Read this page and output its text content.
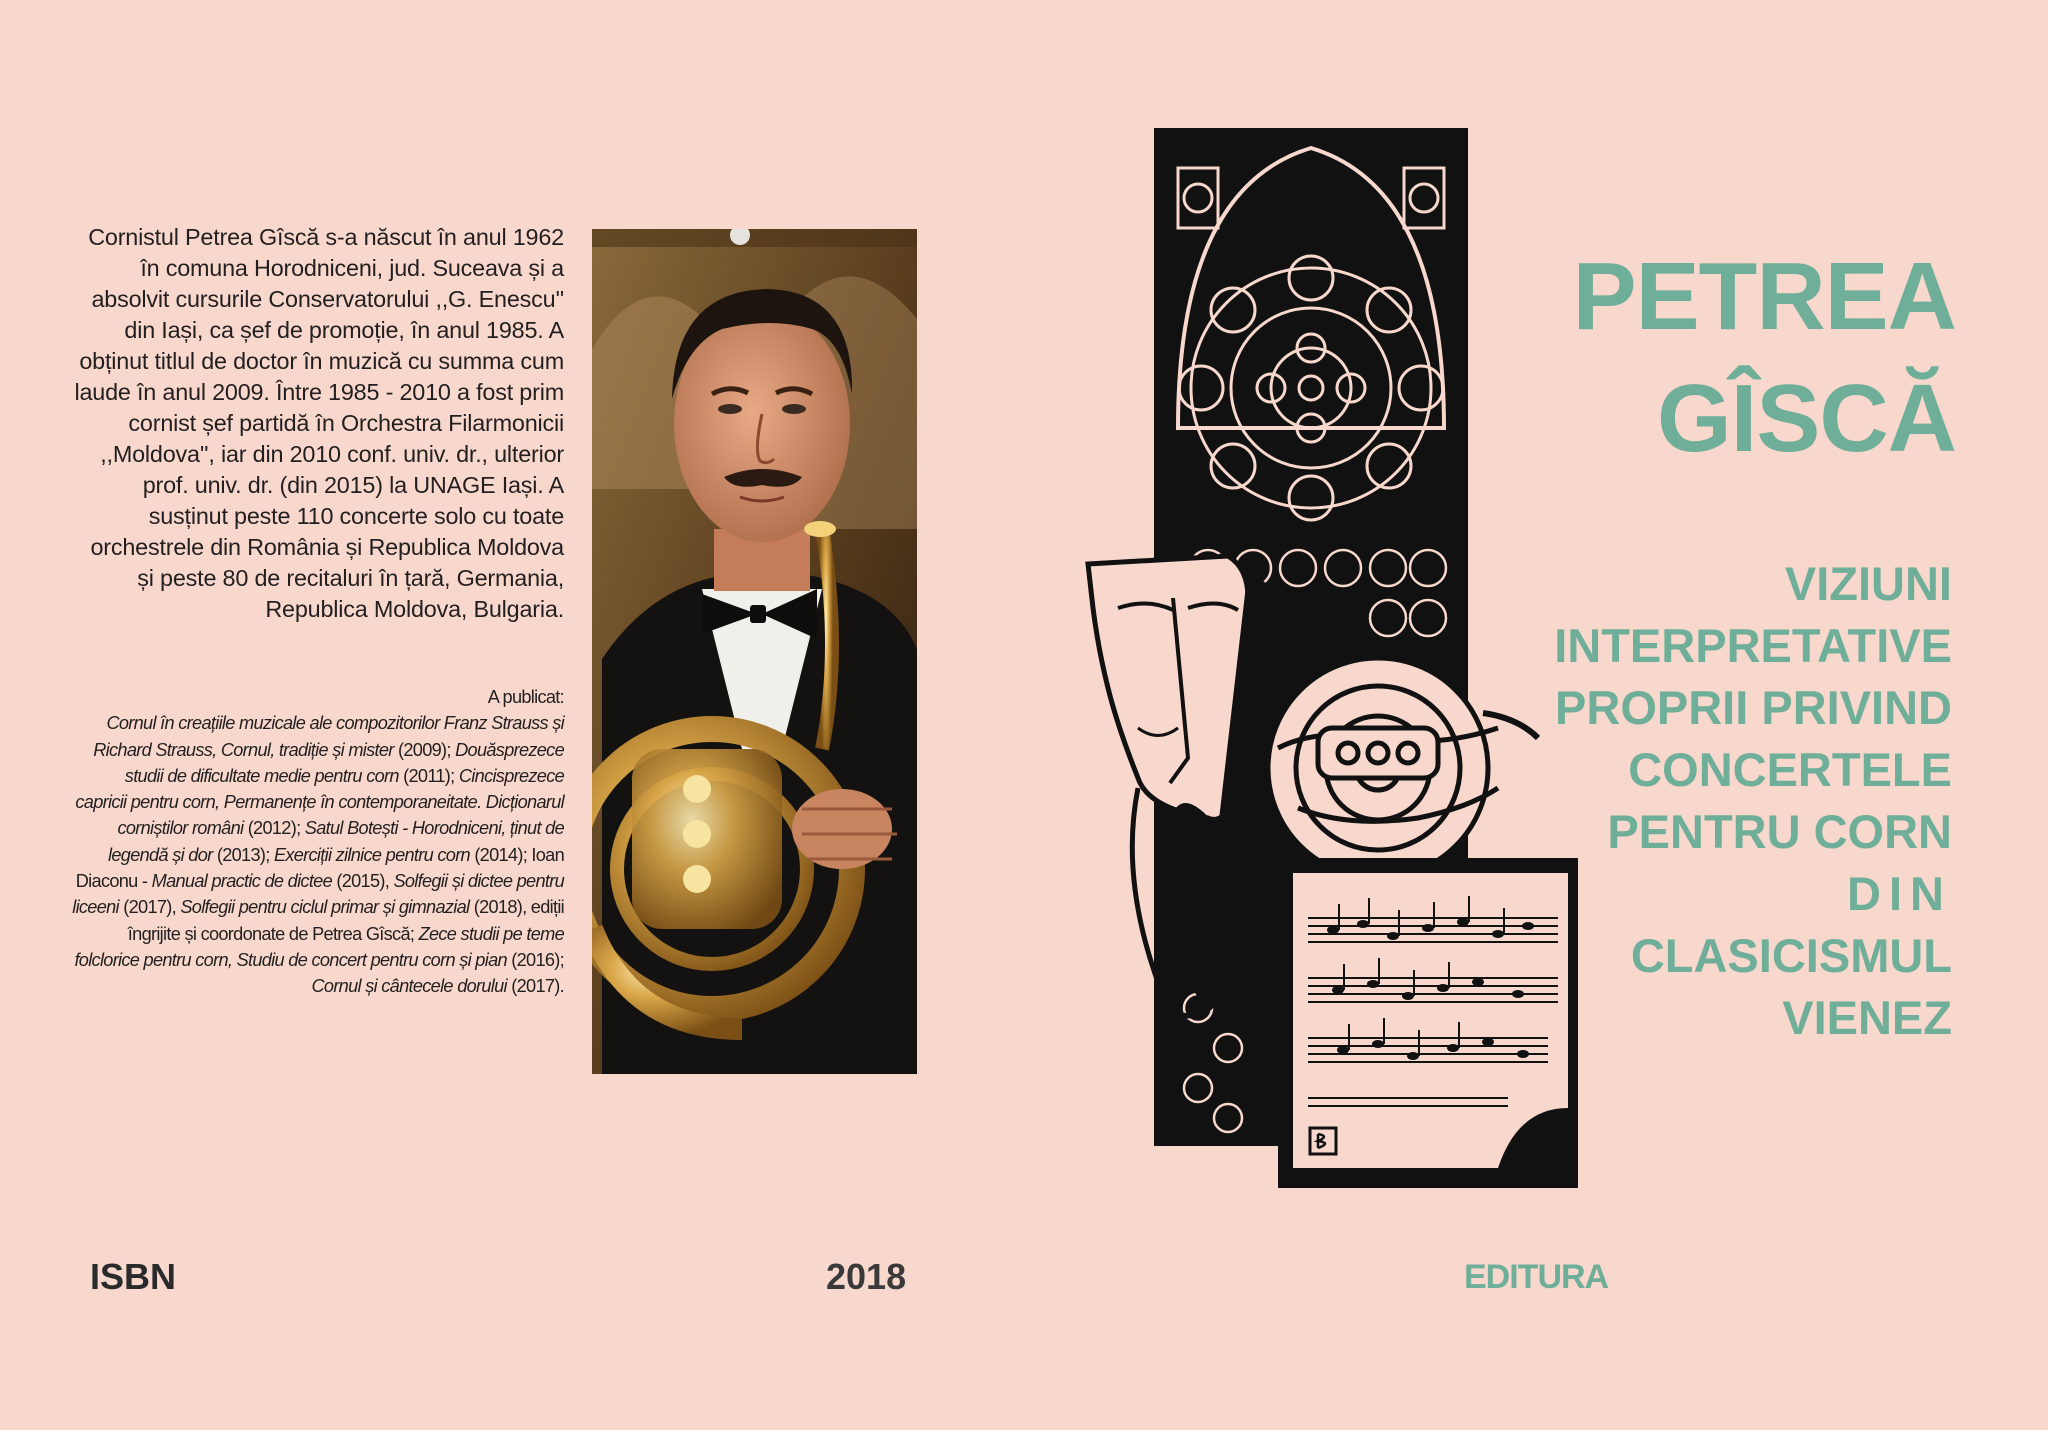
Cornistul Petrea Gîscă s-a născut în anul 1962 în comuna Horodniceni, jud. Suceava și a absolvit cursurile Conservatorului ,,G. Enescu'' din Iași, ca șef de promoție, în anul 1985. A obținut titlul de doctor în muzică cu summa cum laude în anul 2009. Între 1985 - 2010 a fost prim cornist șef partidă în Orchestra Filarmonicii ,,Moldova'', iar din 2010 conf. univ. dr., ulterior prof. univ. dr. (din 2015) la UNAGE Iași. A susținut peste 110 concerte solo cu toate orchestrele din România și Republica Moldova și peste 80 de recitaluri în țară, Germania, Republica Moldova, Bulgaria.

A publicat:
Cornul în creațiile muzicale ale compozitorilor Franz Strauss și Richard Strauss, Cornul, tradiție și mister (2009); Douăsprezece studii de dificultate medie pentru corn (2011); Cincisprezece capricii pentru corn, Permanențe în contemporaneitate. Dicționarul corniștilor români (2012); Satul Botești - Horodniceni, ținut de legendă și dor (2013); Exerciții zilnice pentru corn (2014); Ioan Diaconu - Manual practic de dictee (2015), Solfegii și dictee pentru liceeni (2017), Solfegii pentru ciclul primar și gimnazial (2018), ediții îngrijite și coordonate de Petrea Gîscă; Zece studii pe teme folclorice pentru corn, Studiu de concert pentru corn și pian (2016); Cornul și cântecele dorului (2017).
PETREA
GÎSCĂ
VIZIUNI
INTERPRETATIVE
PROPRII PRIVIND
CONCERTELE
PENTRU CORN
DIN
CLASICISMUL
VIENEZ
ISBN	2018	EDITURA
